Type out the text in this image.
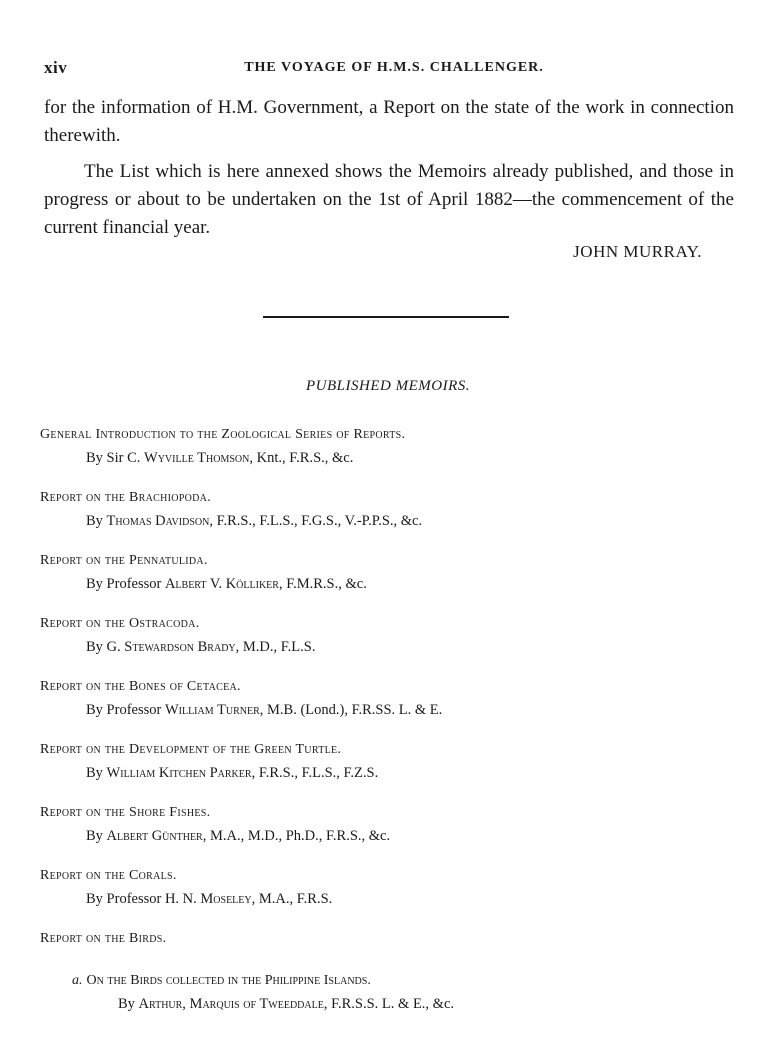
xiv	THE VOYAGE OF H.M.S. CHALLENGER.

for the information of H.M. Government, a Report on the state of the work in connection therewith.

The List which is here annexed shows the Memoirs already published, and those in progress or about to be undertaken on the 1st of April 1882—the commencement of the current financial year.

JOHN MURRAY.
PUBLISHED MEMOIRS.
General Introduction to the Zoological Series of Reports.
By Sir C. Wyville Thomson, Knt., F.R.S., &c.
Report on the Brachiopoda.
By Thomas Davidson, F.R.S., F.L.S., F.G.S., V.-P.P.S., &c.
Report on the Pennatulida.
By Professor Albert V. Kölliker, F.M.R.S., &c.
Report on the Ostracoda.
By G. Stewardson Brady, M.D., F.L.S.
Report on the Bones of Cetacea.
By Professor William Turner, M.B. (Lond.), F.R.SS. L. & E.
Report on the Development of the Green Turtle.
By William Kitchen Parker, F.R.S., F.L.S., F.Z.S.
Report on the Shore Fishes.
By Albert Günther, M.A., M.D., Ph.D., F.R.S., &c.
Report on the Corals.
By Professor H. N. Moseley, M.A., F.R.S.
Report on the Birds.
a. On the Birds collected in the Philippine Islands.
By Arthur, Marquis of Tweeddale, F.R.S.S. L. & E., &c.
